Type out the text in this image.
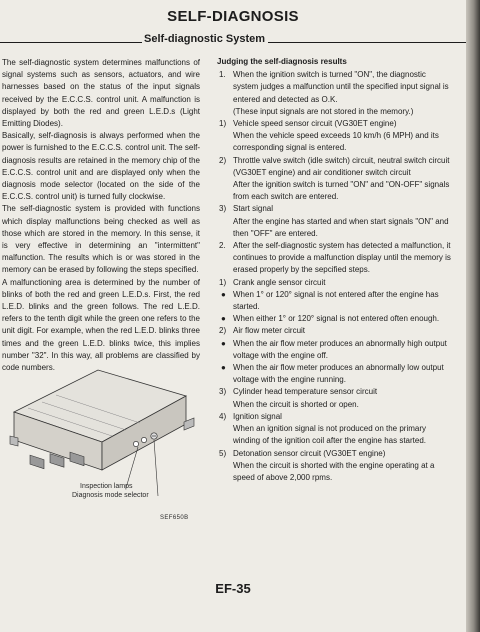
SELF-DIAGNOSIS
Self-diagnostic System

The self-diagnostic system determines malfunctions of signal systems such as sensors, actuators, and wire harnesses based on the status of the input signals received by the E.C.C.S. control unit. A malfunction is displayed by both the red and green L.E.D.s (Light Emitting Diodes).

Basically, self-diagnosis is always performed when the power is furnished to the E.C.C.S. control unit. The self-diagnosis results are retained in the memory chip of the E.C.C.S. control unit and are displayed only when the diagnosis mode selector (located on the side of the E.C.C.S. control unit) is turned fully clockwise.

The self-diagnostic system is provided with functions which display malfunctions being checked as well as those which are stored in the memory. In this sense, it is very effective in determining an "intermittent" malfunction. The results which is or was stored in the memory can be erased by following the steps specified.

A malfunctioning area is determined by the number of blinks of both the red and green L.E.D.s. First, the red L.E.D. blinks and the green follows. The red L.E.D. refers to the tenth digit while the green one refers to the unit digit. For example, when the red L.E.D. blinks three times and the green L.E.D. blinks twice, this implies number "32". In this way, all problems are classified by code numbers.

Inspection lamps
Diagnosis mode selector
SEF650B
Judging the self-diagnosis results
1. When the ignition switch is turned "ON", the diagnostic system judges a malfunction until the specified input signal is entered and detected as O.K.
(These input signals are not stored in the memory.)
1) Vehicle speed sensor circuit (VG30ET engine)
When the vehicle speed exceeds 10 km/h (6 MPH) and its corresponding signal is entered.
2) Throttle valve switch (idle switch) circuit, neutral switch circuit (VG30ET engine) and air conditioner switch circuit
After the ignition switch is turned "ON" and "ON-OFF" signals from each switch are entered.
3) Start signal
After the engine has started and when start signals "ON" and then "OFF" are entered.
2. After the self-diagnostic system has detected a malfunction, it continues to provide a malfunction display until the memory is erased properly by the sepcified steps.
1) Crank angle sensor circuit
● When 1° or 120° signal is not entered after the engine has started.
● When either 1° or 120° signal is not entered often enough.
2) Air flow meter circuit
● When the air flow meter produces an abnormally high output voltage with the engine off.
● When the air flow meter produces an abnormally low output voltage with the engine running.
3) Cylinder head temperature sensor circuit
When the circuit is shorted or open.
4) Ignition signal
When an ignition signal is not produced on the primary winding of the ignition coil after the engine has started.
5) Detonation sensor circuit (VG30ET engine)
When the circuit is shorted with the engine operating at a speed of above 2,000 rpms.
EF-35
